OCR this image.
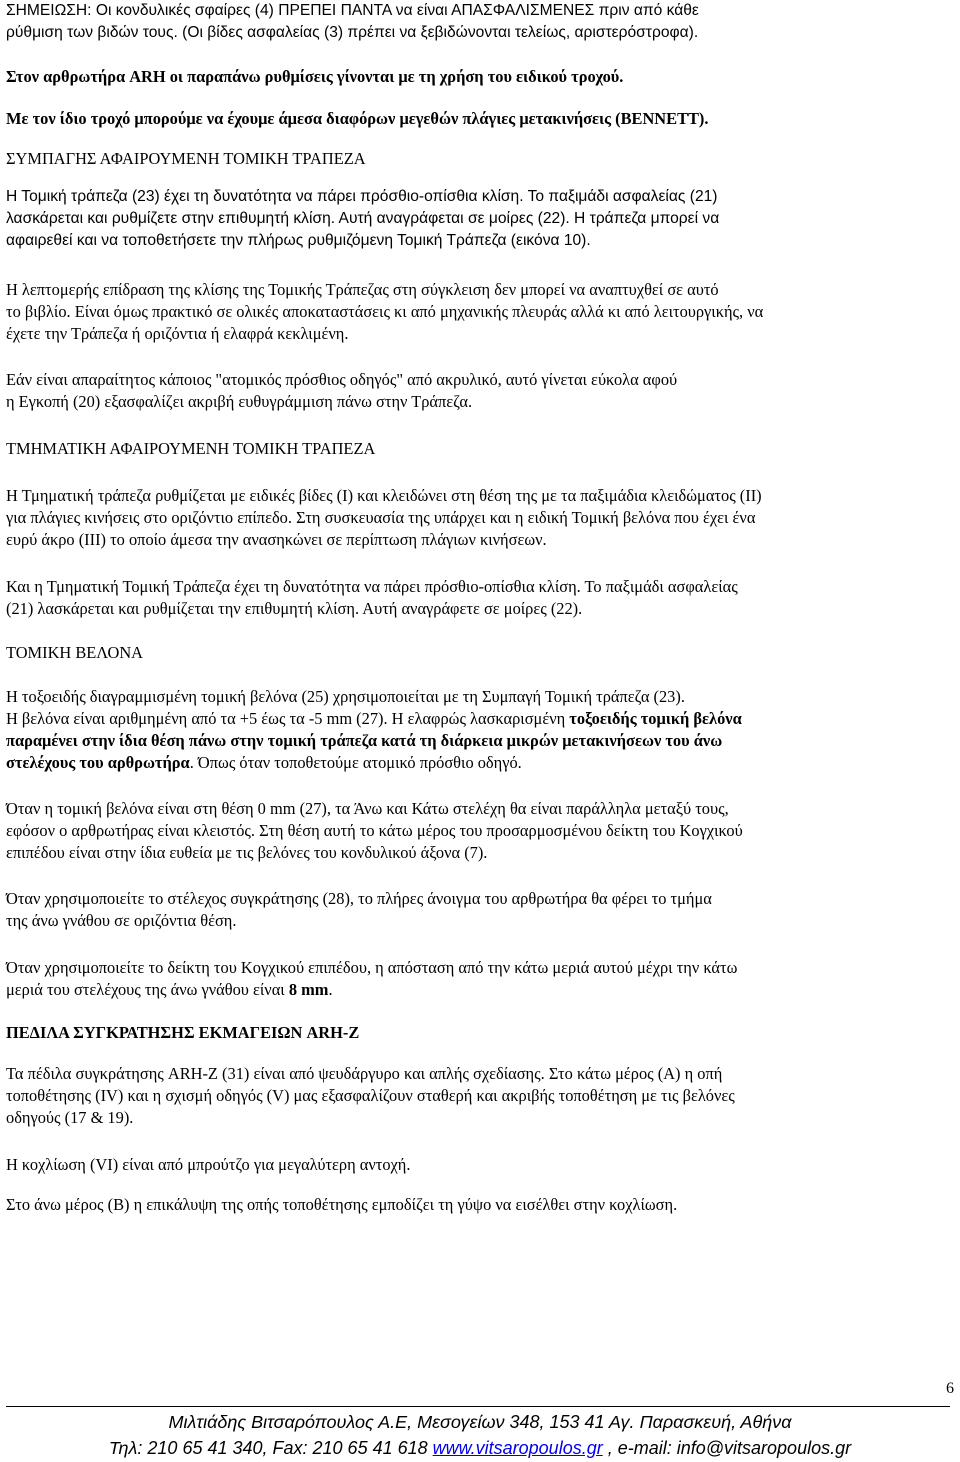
ΣΗΜΕΙΩΣΗ: Οι κονδυλικές σφαίρες (4) ΠΡΕΠΕΙ ΠΑΝΤΑ να είναι ΑΠΑΣΦΑΛΙΣΜΕΝΕΣ πριν από κάθε
ρύθμιση των βιδών τους. (Οι βίδες ασφαλείας (3) πρέπει να ξεβιδώνονται τελείως, αριστερόστροφα).
Στον αρθρωτήρα ARH οι παραπάνω ρυθμίσεις γίνονται με τη χρήση του ειδικού τροχού.
Με τον ίδιο τροχό μπορούμε να έχουμε άμεσα διαφόρων μεγεθών πλάγιες μετακινήσεις (BENNETT).
ΣΥΜΠΑΓΗΣ ΑΦΑΙΡΟΥΜΕΝΗ ΤΟΜΙΚΗ ΤΡΑΠΕΖΑ
Η Τομική τράπεζα (23) έχει τη δυνατότητα να πάρει πρόσθιο-οπίσθια κλίση. Το παξιμάδι ασφαλείας (21)
λασκάρεται και ρυθμίζετε στην επιθυμητή κλίση. Αυτή αναγράφεται σε μοίρες (22). Η τράπεζα μπορεί να
αφαιρεθεί και να τοποθετήσετε την πλήρως ρυθμιζόμενη Τομική Τράπεζα (εικόνα 10).
Η λεπτομερής επίδραση της κλίσης της Τομικής Τράπεζας στη σύγκλειση δεν μπορεί να αναπτυχθεί σε αυτό
το βιβλίο. Είναι όμως πρακτικό σε ολικές αποκαταστάσεις κι από μηχανικής πλευράς αλλά κι από λειτουργικής, να
έχετε την Τράπεζα ή οριζόντια ή ελαφρά κεκλιμένη.
Εάν είναι απαραίτητος κάποιος "ατομικός πρόσθιος οδηγός" από ακρυλικό, αυτό γίνεται εύκολα αφού
η Εγκοπή (20) εξασφαλίζει ακριβή ευθυγράμμιση πάνω στην Τράπεζα.
ΤΜΗΜΑΤΙΚΗ ΑΦΑΙΡΟΥΜΕΝΗ ΤΟΜΙΚΗ ΤΡΑΠΕΖΑ
Η Τμηματική τράπεζα ρυθμίζεται με ειδικές βίδες (Ι) και κλειδώνει στη θέση της με τα παξιμάδια κλειδώματος (ΙΙ)
για πλάγιες κινήσεις στο οριζόντιο επίπεδο. Στη συσκευασία της υπάρχει και η ειδική Τομική βελόνα που έχει ένα
ευρύ άκρο (ΙΙΙ) το οποίο άμεσα την ανασηκώνει σε περίπτωση πλάγιων κινήσεων.
Και η Τμηματική Τομική Τράπεζα έχει τη δυνατότητα να πάρει πρόσθιο-οπίσθια κλίση. Το παξιμάδι ασφαλείας
(21) λασκάρεται και ρυθμίζεται την επιθυμητή κλίση. Αυτή αναγράφετε σε μοίρες (22).
ΤΟΜΙΚΗ ΒΕΛΟΝΑ
Η τοξοειδής διαγραμμισμένη τομική βελόνα (25) χρησιμοποιείται με τη Συμπαγή Τομική τράπεζα (23).
Η βελόνα είναι αριθμημένη από τα +5 έως τα -5 mm (27). Η ελαφρώς λασκαρισμένη τοξοειδής τομική βελόνα
παραμένει στην ίδια θέση πάνω στην τομική τράπεζα κατά τη διάρκεια μικρών μετακινήσεων του άνω
στελέχους του αρθρωτήρα. Όπως όταν τοποθετούμε ατομικό πρόσθιο οδηγό.
Όταν η τομική βελόνα είναι στη θέση 0 mm (27), τα Άνω και Κάτω στελέχη θα είναι παράλληλα μεταξύ τους,
εφόσον ο αρθρωτήρας είναι κλειστός. Στη θέση αυτή το κάτω μέρος του προσαρμοσμένου δείκτη του Κογχικού
επιπέδου είναι στην ίδια ευθεία με τις βελόνες του κονδυλικού άξονα (7).
Όταν χρησιμοποιείτε το στέλεχος συγκράτησης (28), το πλήρες άνοιγμα του αρθρωτήρα θα φέρει το τμήμα
της άνω γνάθου σε οριζόντια θέση.
Όταν χρησιμοποιείτε το δείκτη του Κογχικού επιπέδου, η απόσταση από την κάτω μεριά αυτού μέχρι την κάτω
μεριά του στελέχους της άνω γνάθου είναι 8 mm.
ΠΕΔΙΛΑ ΣΥΓΚΡΑΤΗΣΗΣ ΕΚΜΑΓΕΙΩΝ ARH-Z
Τα πέδιλα συγκράτησης ARH-Z (31) είναι από ψευδάργυρο και απλής σχεδίασης. Στο κάτω μέρος (Α) η οπή
τοποθέτησης (IV) και η σχισμή οδηγός (V) μας εξασφαλίζουν σταθερή και ακριβής τοποθέτηση με τις βελόνες
οδηγούς (17 & 19).
Η κοχλίωση (VI) είναι από μπρούτζο για μεγαλύτερη αντοχή.
Στο άνω μέρος (Β) η επικάλυψη της οπής τοποθέτησης εμποδίζει τη γύψο να εισέλθει στην κοχλίωση.
6
Μιλτιάδης Βιτσαρόπουλος Α.Ε, Μεσογείων 348, 153 41 Αγ. Παρασκευή, Αθήνα
Τηλ: 210 65 41 340, Fax: 210 65 41 618 www.vitsaropoulos.gr , e-mail: info@vitsaropoulos.gr
